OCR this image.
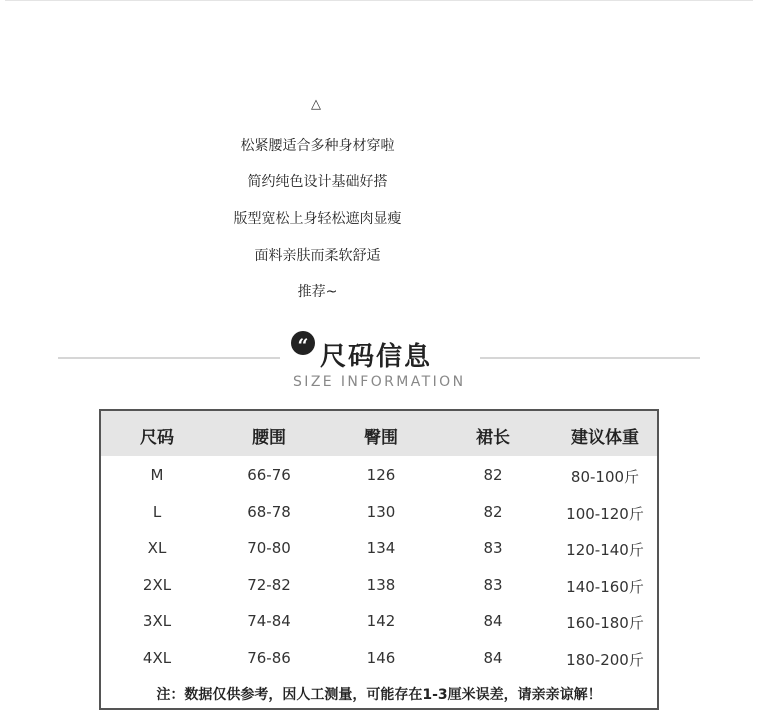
△
松紧腰适合多种身材穿啦
简约纯色设计基础好搭
版型宽松上身轻松遮肉显瘦
面料亲肤而柔软舒适
推荐~
“ 尺码信息
SIZE INFORMATION
尺码	腰围	臀围	裙长	建议体重
M	66-76	126	82	80-100斤
L	68-78	130	82	100-120斤
XL	70-80	134	83	120-140斤
2XL	72-82	138	83	140-160斤
3XL	74-84	142	84	160-180斤
4XL	76-86	146	84	180-200斤
注：数据仅供参考，因人工测量，可能存在1-3厘米误差，请亲亲谅解！
